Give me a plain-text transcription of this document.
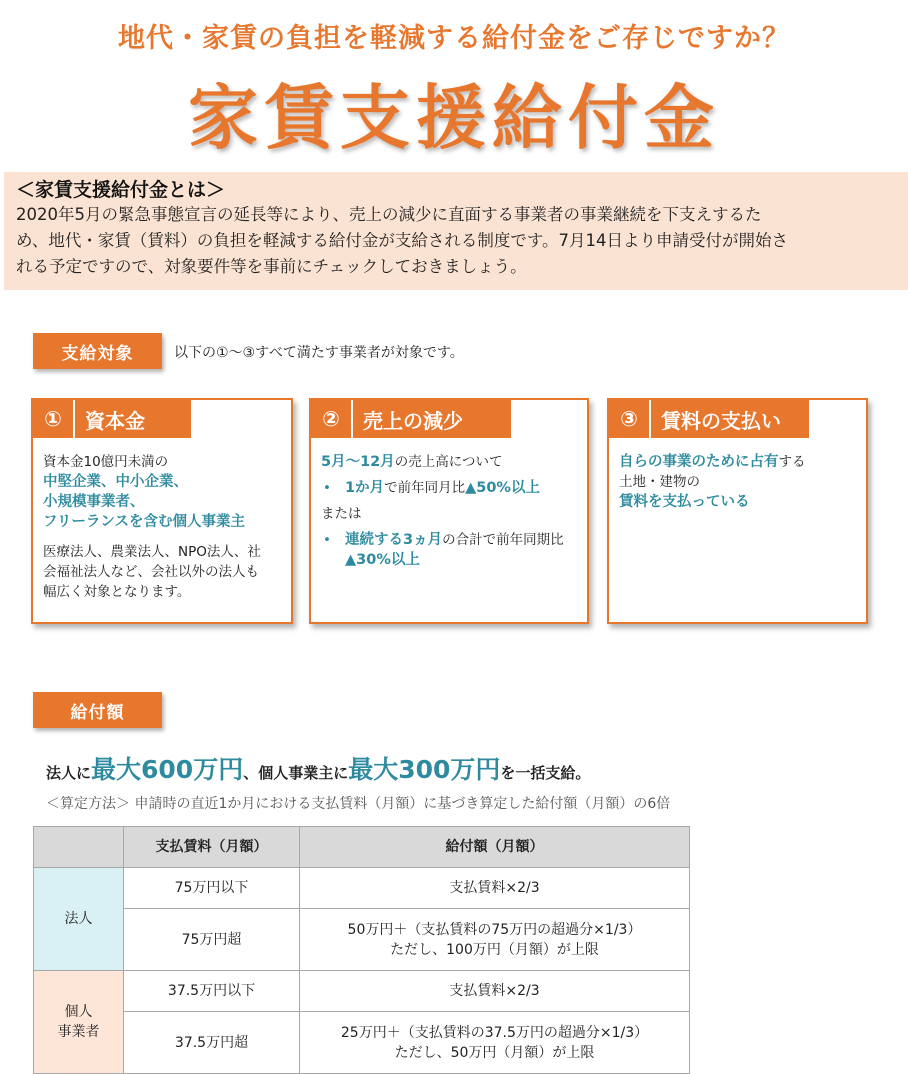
地代・家賃の負担を軽減する給付金をご存じですか？
家賃支援給付金
＜家賃支援給付金とは＞
2020年5月の緊急事態宣言の延長等により、売上の減少に直面する事業者の事業継続を下支えするた
め、地代・家賃（賃料）の負担を軽減する給付金が支給される制度です。7月14日より申請受付が開始さ
れる予定ですので、対象要件等を事前にチェックしておきましょう。
支給対象	以下の①～③すべて満たす事業者が対象です。
①	資本金
資本金10億円未満の
中堅企業、中小企業、
小規模事業者、
フリーランスを含む個人事業主
医療法人、農業法人、NPO法人、社
会福祉法人など、会社以外の法人も
幅広く対象となります。
②	売上の減少
5月～12月の売上高について
• 1か月で前年同月比▲50%以上
または
• 連続する3ヵ月の合計で前年同期比
▲30%以上
③	賃料の支払い
自らの事業のために占有する
土地・建物の
賃料を支払っている
給付額
法人に最大600万円、個人事業主に最大300万円を一括支給。
＜算定方法＞ 申請時の直近1か月における支払賃料（月額）に基づき算定した給付額（月額）の6倍
	支払賃料（月額）	給付額（月額）
法人	75万円以下	支払賃料×2/3
	75万円超	50万円＋（支払賃料の75万円の超過分×1/3）
ただし、100万円（月額）が上限

個人
事業者	37.5万円以下	支払賃料×2/3
	37.5万円超	25万円＋（支払賃料の37.5万円の超過分×1/3）
ただし、50万円（月額）が上限
